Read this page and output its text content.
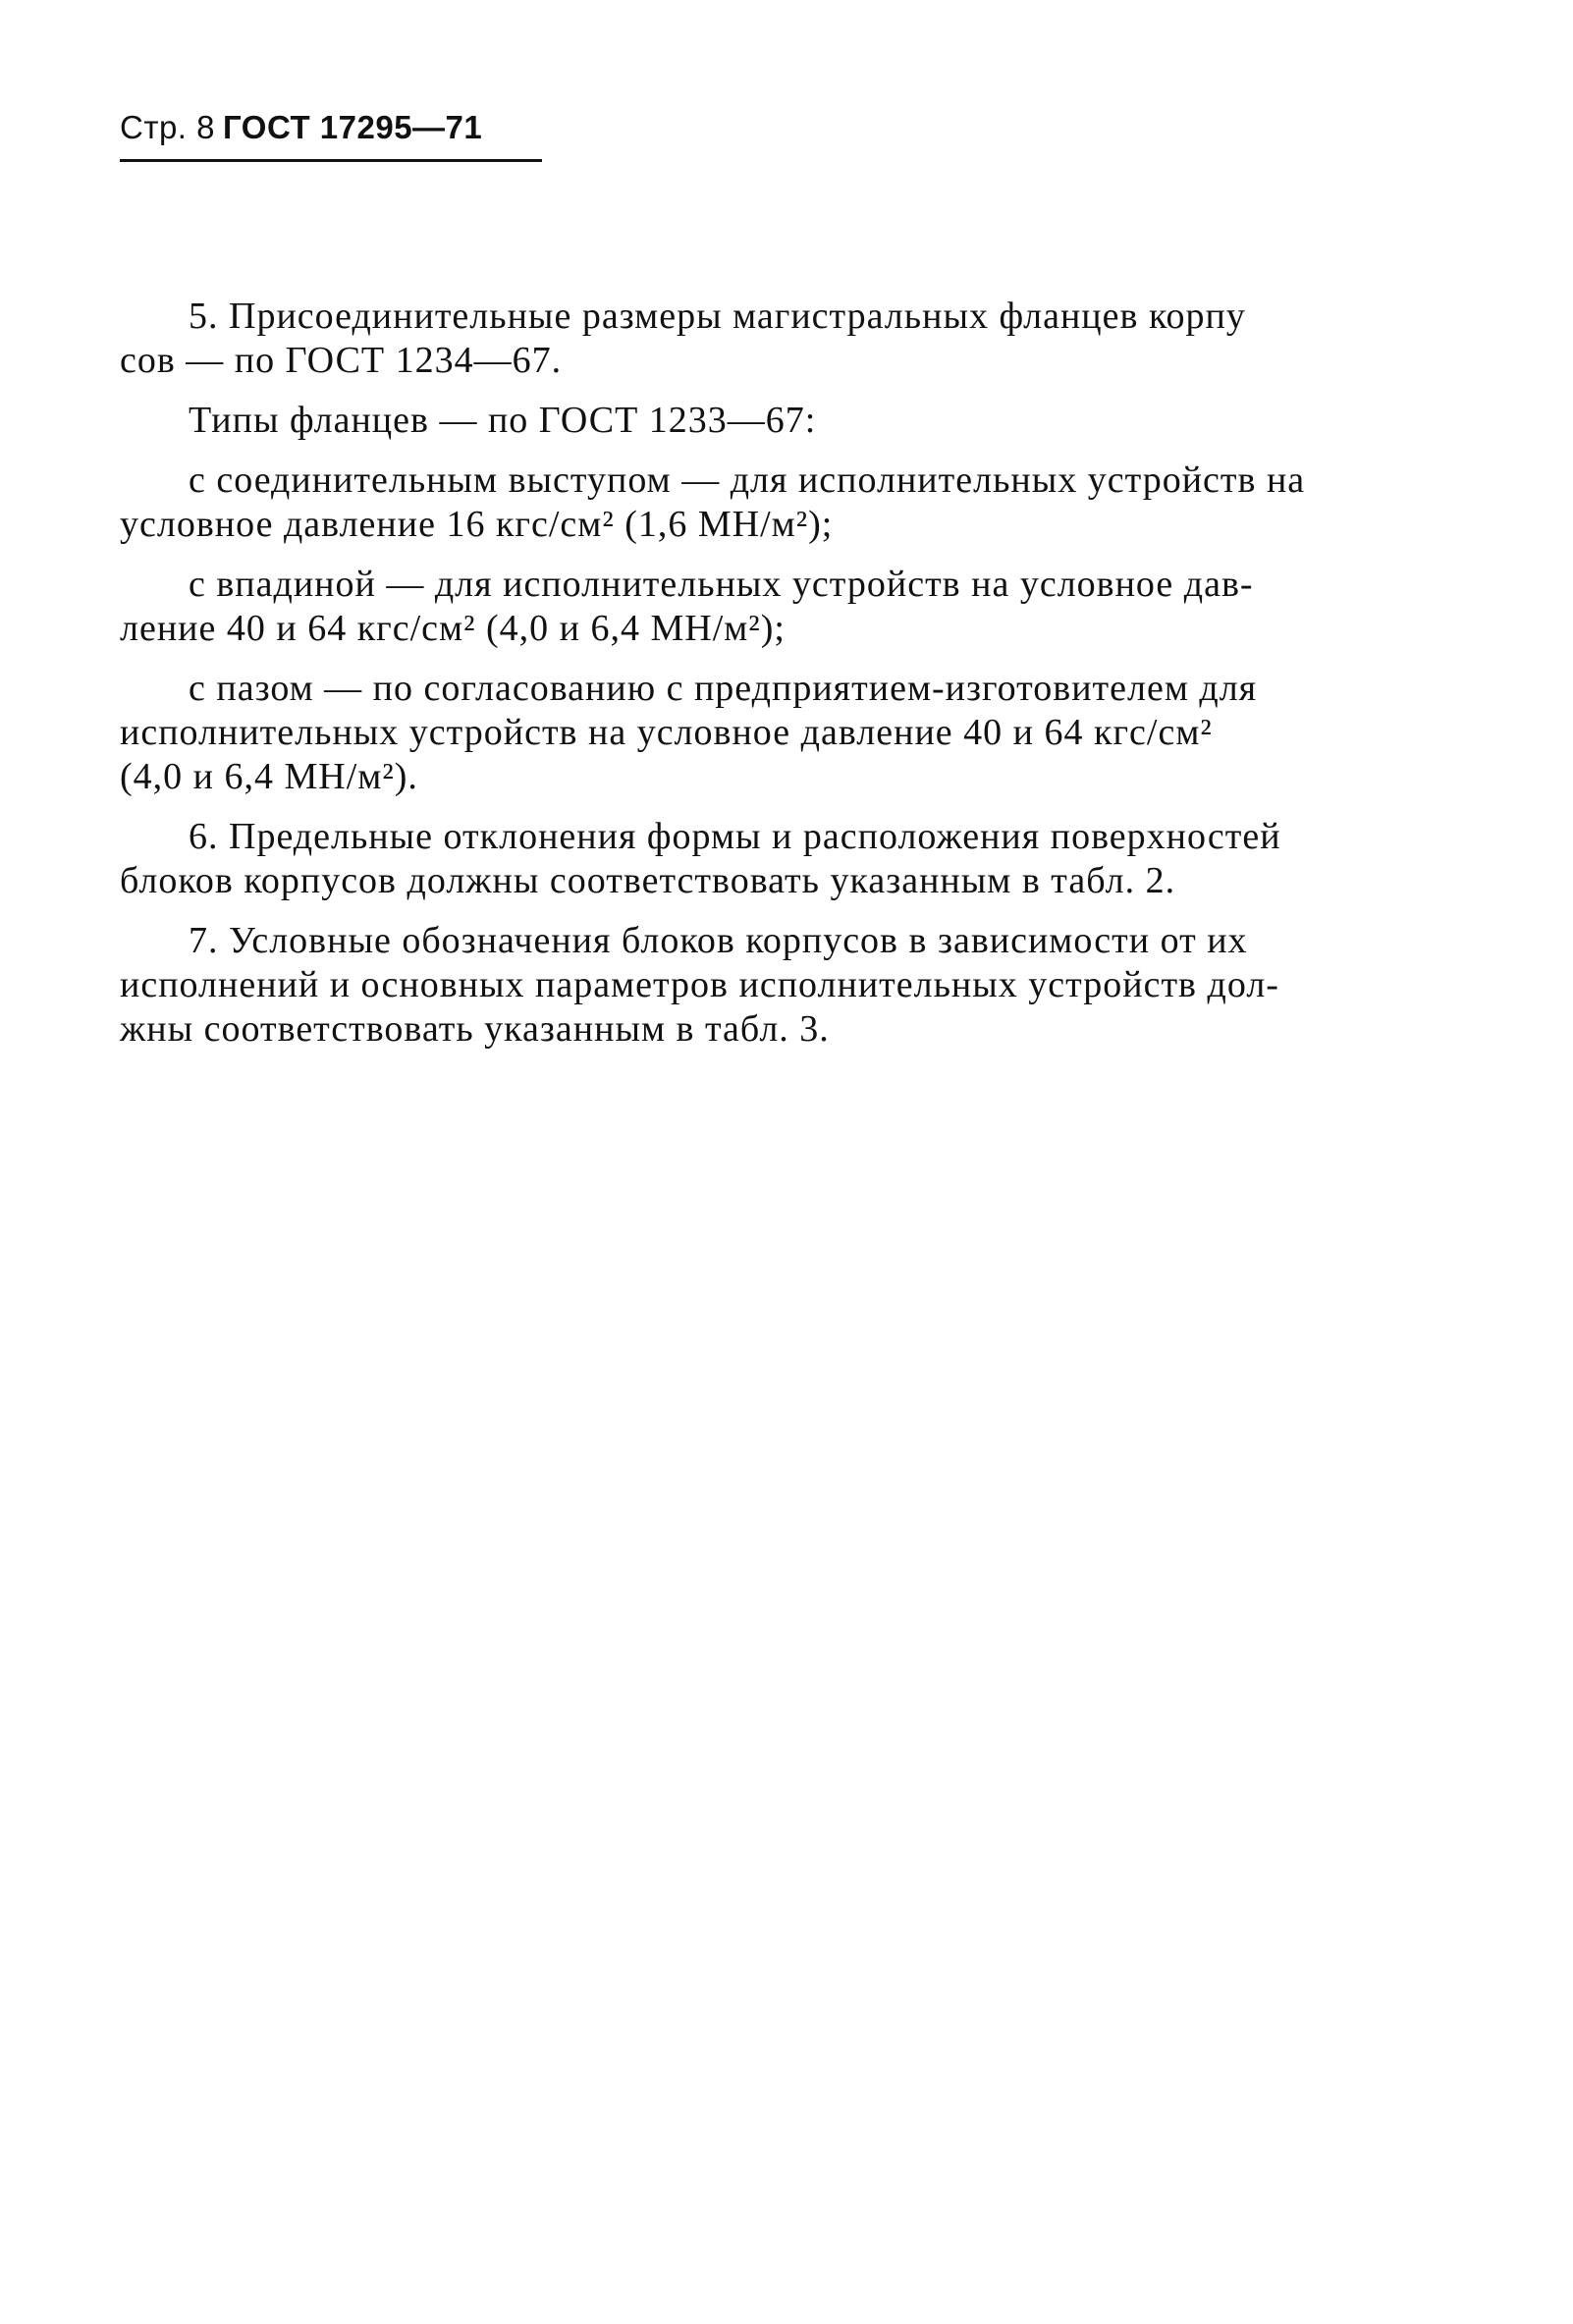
Стр. 8 ГОСТ 17295—71
5. Присоединительные размеры магистральных фланцев корпу
сов — по ГОСТ 1234—67.
Типы фланцев — по ГОСТ 1233—67:
с соединительным выступом — для исполнительных устройств на
условное давление 16 кгс/см² (1,6 МН/м²);
с впадиной — для исполнительных устройств на условное дав-
ление 40 и 64 кгс/см² (4,0 и 6,4 МН/м²);
с пазом — по согласованию с предприятием-изготовителем для
исполнительных устройств на условное давление 40 и 64 кгс/см²
(4,0 и 6,4 МН/м²).
6. Предельные отклонения формы и расположения поверхностей
блоков корпусов должны соответствовать указанным в табл. 2.
7. Условные обозначения блоков корпусов в зависимости от их
исполнений и основных параметров исполнительных устройств дол-
жны соответствовать указанным в табл. 3.
